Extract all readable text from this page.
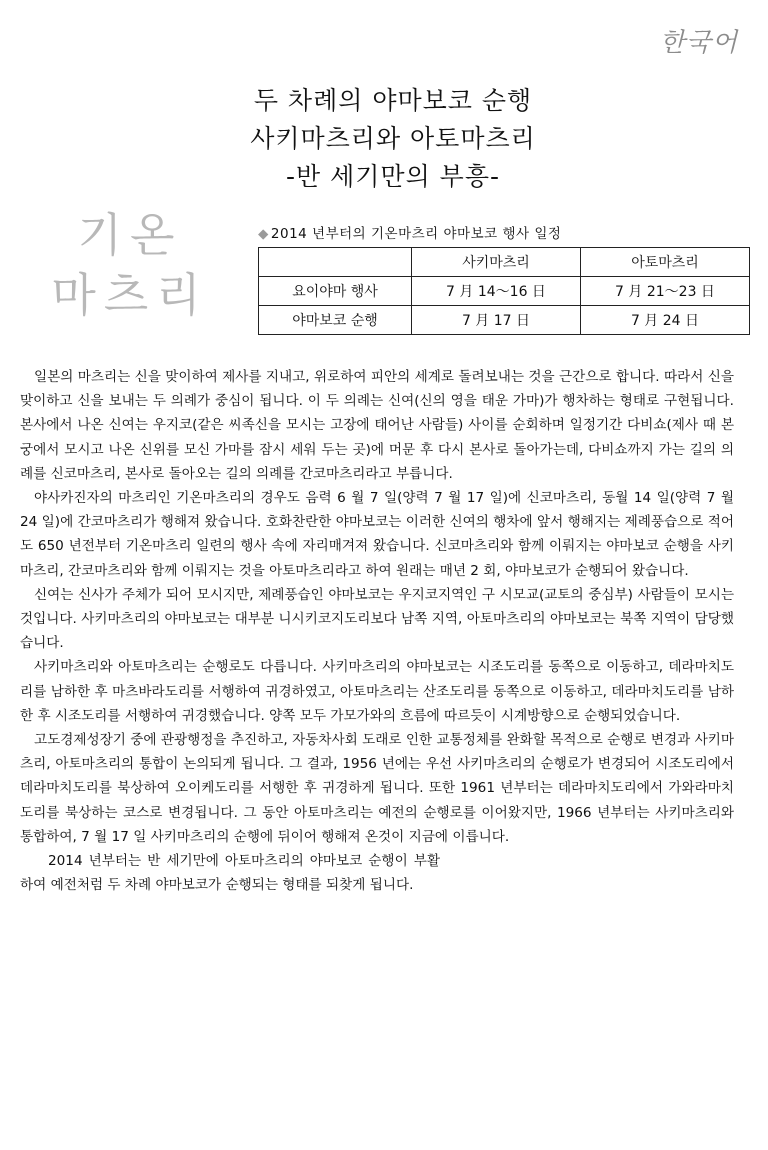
한국어
두 차례의 야마보코 순행
사키마츠리와 아토마츠리
-반 세기만의 부흥-
기온
마츠리
◆ 2014 년부터의 기온마츠리 야마보코 행사 일정
	사키마츠리	아토마츠리
요이야마 행사	7 月 14～16 日	7 月 21～23 日
야마보코 순행	7 月 17 日	7 月 24 日

일본의 마츠리는 신을 맞이하여 제사를 지내고, 위로하여 피안의 세계로 돌려보내는 것을 근간으로 합니다. 따라서 신을 맞이하고 신을 보내는 두 의례가 중심이 됩니다. 이 두 의례는 신여(신의 영을 태운 가마)가 행차하는 형태로 구현됩니다. 본사에서 나온 신여는 우지코(같은 씨족신을 모시는 고장에 태어난 사람들) 사이를 순회하며 일정기간 다비쇼(제사 때 본궁에서 모시고 나온 신위를 모신 가마를 잠시 세워 두는 곳)에 머문 후 다시 본사로 돌아가는데, 다비쇼까지 가는 길의 의례를 신코마츠리, 본사로 돌아오는 길의 의례를 간코마츠리라고 부릅니다.

야사카진자의 마츠리인 기온마츠리의 경우도 음력 6 월 7 일(양력 7 월 17 일)에 신코마츠리, 동월 14 일(양력 7 월 24 일)에 간코마츠리가 행해져 왔습니다. 호화찬란한 야마보코는 이러한 신여의 행차에 앞서 행해지는 제례풍습으로 적어도 650 년전부터 기온마츠리 일련의 행사 속에 자리매겨져 왔습니다. 신코마츠리와 함께 이뤄지는 야마보코 순행을 사키마츠리, 간코마츠리와 함께 이뤄지는 것을 아토마츠리라고 하여 원래는 매년 2 회, 야마보코가 순행되어 왔습니다.

신여는 신사가 주체가 되어 모시지만, 제례풍습인 야마보코는 우지코지역인 구 시모교(교토의 중심부) 사람들이 모시는 것입니다. 사키마츠리의 야마보코는 대부분 니시키코지도리보다 남쪽 지역, 아토마츠리의 야마보코는 북쪽 지역이 담당했습니다.

사키마츠리와 아토마츠리는 순행로도 다릅니다. 사키마츠리의 야마보코는 시조도리를 동쪽으로 이동하고, 데라마치도리를 남하한 후 마츠바라도리를 서행하여 귀경하였고, 아토마츠리는 산조도리를 동쪽으로 이동하고, 데라마치도리를 남하한 후 시조도리를 서행하여 귀경했습니다. 양쪽 모두 가모가와의 흐름에 따르듯이 시계방향으로 순행되었습니다.

고도경제성장기 중에 관광행정을 추진하고, 자동차사회 도래로 인한 교통정체를 완화할 목적으로 순행로 변경과 사키마츠리, 아토마츠리의 통합이 논의되게 됩니다. 그 결과, 1956 년에는 우선 사키마츠리의 순행로가 변경되어 시조도리에서 데라마치도리를 북상하여 오이케도리를 서행한 후 귀경하게 됩니다. 또한 1961 년부터는 데라마치도리에서 가와라마치도리를 북상하는 코스로 변경됩니다. 그 동안 아토마츠리는 예전의 순행로를 이어왔지만, 1966 년부터는 사키마츠리와 통합하여, 7 월 17 일 사키마츠리의 순행에 뒤이어 행해져 온것이 지금에 이릅니다.

2014 년부터는 반 세기만에 아토마츠리의 야마보코 순행이 부활하여 예전처럼 두 차례 야마보코가 순행되는 형태를 되찾게 됩니다.
